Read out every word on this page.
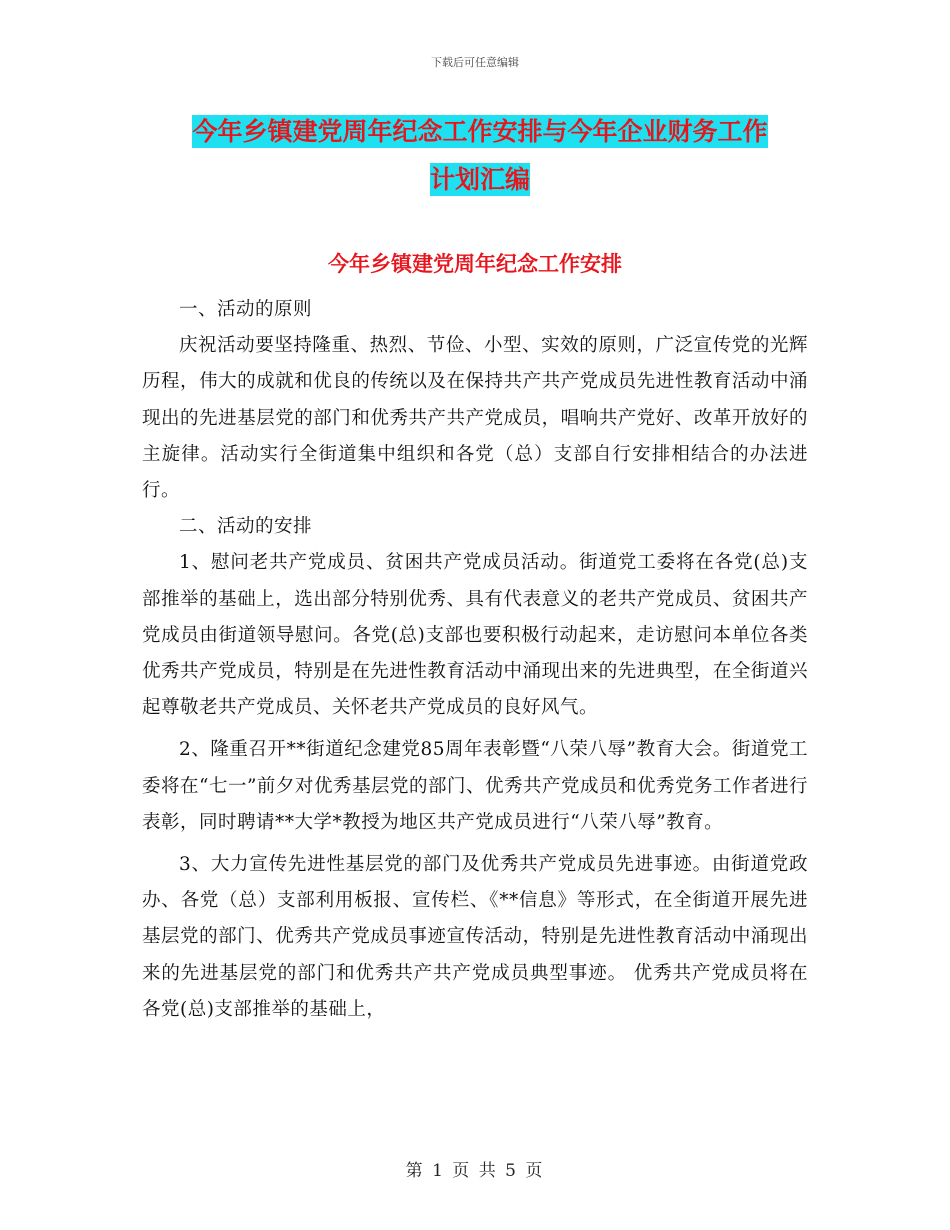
下载后可任意编辑
今年乡镇建党周年纪念工作安排与今年企业财务工作
计划汇编
今年乡镇建党周年纪念工作安排

一、活动的原则

庆祝活动要坚持隆重、热烈、节俭、小型、实效的原则，广泛宣传党的光辉历程，伟大的成就和优良的传统以及在保持共产共产党成员先进性教育活动中涌现出的先进基层党的部门和优秀共产共产党成员，唱响共产党好、改革开放好的主旋律。活动实行全街道集中组织和各党（总）支部自行安排相结合的办法进行。

二、活动的安排

1、慰问老共产党成员、贫困共产党成员活动。街道党工委将在各党(总)支部推举的基础上，选出部分特别优秀、具有代表意义的老共产党成员、贫困共产党成员由街道领导慰问。各党(总)支部也要积极行动起来，走访慰问本单位各类优秀共产党成员，特别是在先进性教育活动中涌现出来的先进典型，在全街道兴起尊敬老共产党成员、关怀老共产党成员的良好风气。

2、隆重召开**街道纪念建党85周年表彰暨“八荣八辱”教育大会。街道党工委将在“七一”前夕对优秀基层党的部门、优秀共产党成员和优秀党务工作者进行表彰，同时聘请**大学*教授为地区共产党成员进行“八荣八辱”教育。

3、大力宣传先进性基层党的部门及优秀共产党成员先进事迹。由街道党政办、各党（总）支部利用板报、宣传栏、《**信息》等形式，在全街道开展先进基层党的部门、优秀共产党成员事迹宣传活动，特别是先进性教育活动中涌现出来的先进基层党的部门和优秀共产共产党成员典型事迹。 优秀共产党成员将在各党(总)支部推举的基础上，

第 1 页 共 5 页
